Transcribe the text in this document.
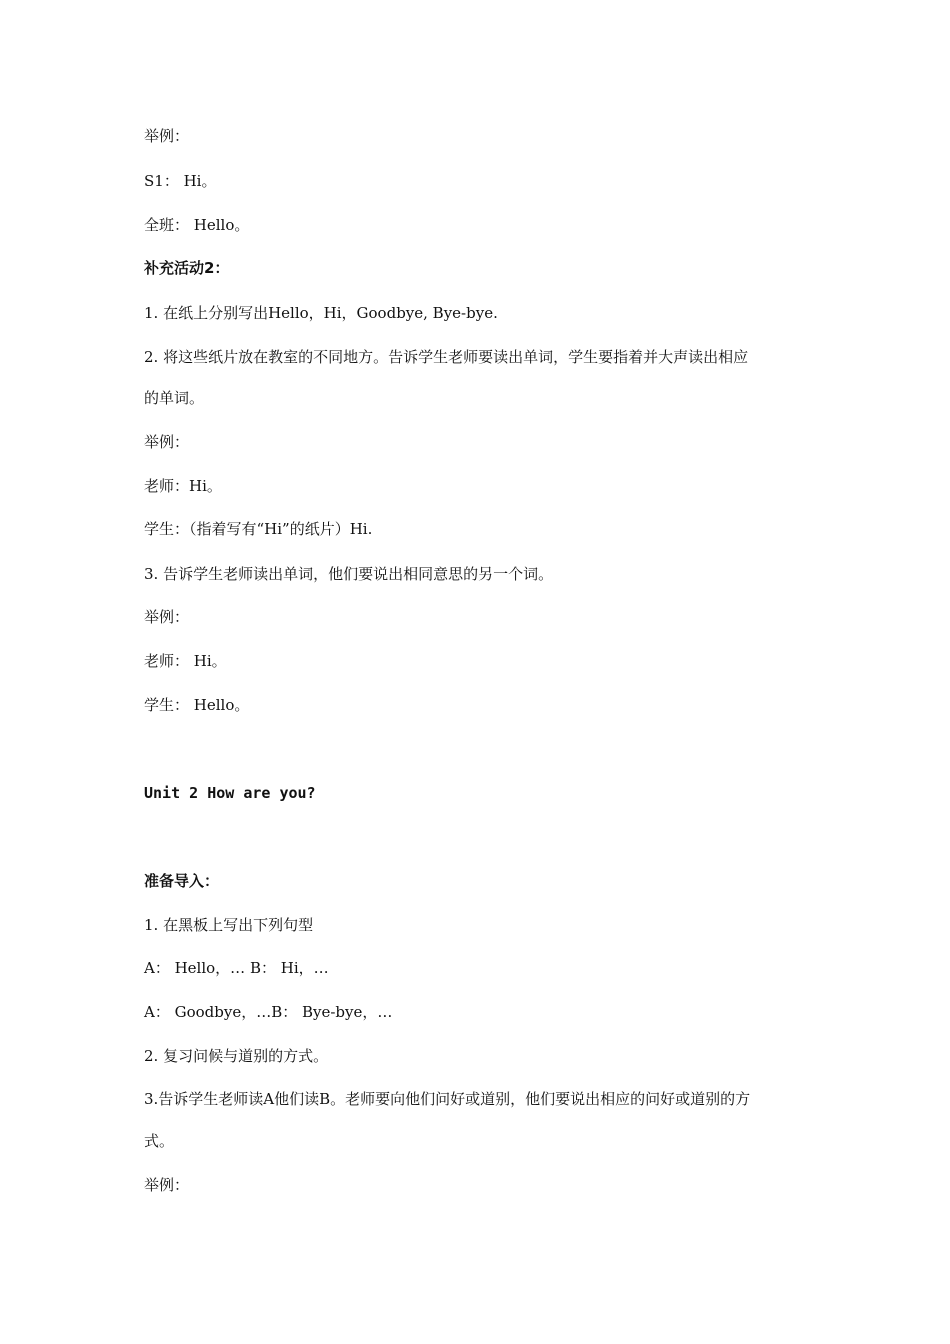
举例：
S1： Hi。
全班： Hello。
补充活动2：
1. 在纸上分别写出Hello，Hi，Goodbye, Bye-bye.
2. 将这些纸片放在教室的不同地方。告诉学生老师要读出单词，学生要指着并大声读出相应
的单词。
举例：
老师：Hi。
学生：（指着写有“Hi”的纸片）Hi.
3. 告诉学生老师读出单词，他们要说出相同意思的另一个词。
举例：
老师： Hi。
学生： Hello。
Unit 2 How are you?
准备导入：
1. 在黑板上写出下列句型
A： Hello，… B： Hi，…
A： Goodbye，…B： Bye-bye，…
2. 复习问候与道别的方式。
3.告诉学生老师读A他们读B。老师要向他们问好或道别，他们要说出相应的问好或道别的方
式。
举例：
